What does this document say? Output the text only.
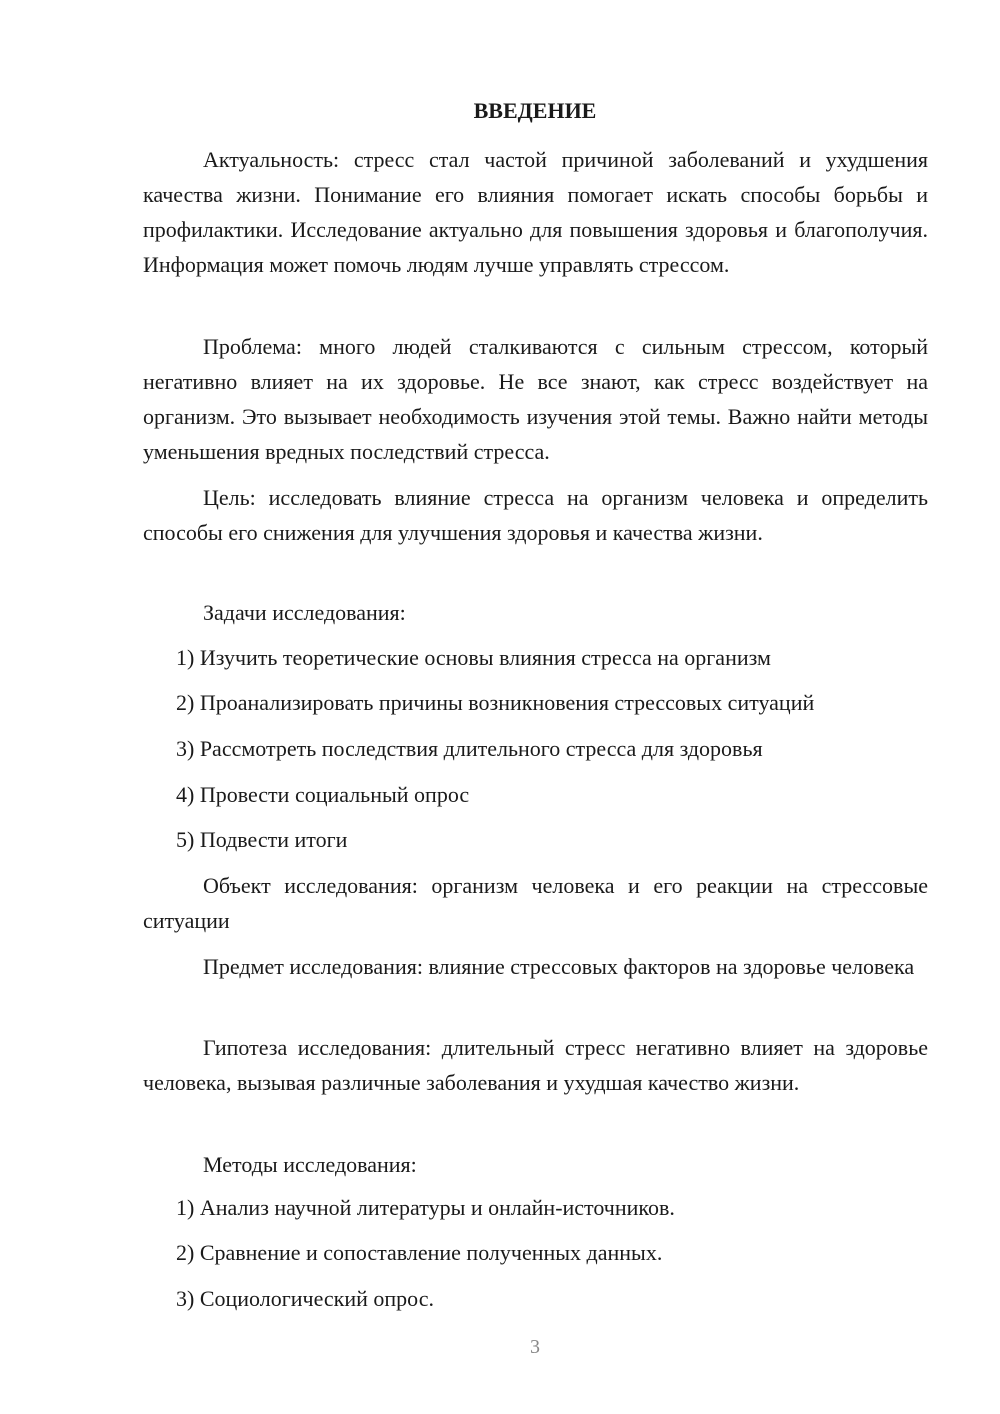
ВВЕДЕНИЕ

Актуальность: стресс стал частой причиной заболеваний и ухудшения качества жизни. Понимание его влияния помогает искать способы борьбы и профилактики. Исследование актуально для повышения здоровья и благополучия. Информация может помочь людям лучше управлять стрессом.

Проблема: много людей сталкиваются с сильным стрессом, который негативно влияет на их здоровье. Не все знают, как стресс воздействует на организм. Это вызывает необходимость изучения этой темы. Важно найти методы уменьшения вредных последствий стресса.

Цель: исследовать влияние стресса на организм человека и определить способы его снижения для улучшения здоровья и качества жизни.

Задачи исследования:

1) Изучить теоретические основы влияния стресса на организм

2) Проанализировать причины возникновения стрессовых ситуаций

3) Рассмотреть последствия длительного стресса для здоровья

4) Провести социальный опрос

5) Подвести итоги

Объект исследования: организм человека и его реакции на стрессовые ситуации

Предмет исследования: влияние стрессовых факторов на здоровье человека

Гипотеза исследования: длительный стресс негативно влияет на здоровье человека, вызывая различные заболевания и ухудшая качество жизни.

Методы исследования:

1) Анализ научной литературы и онлайн-источников.

2) Сравнение и сопоставление полученных данных.

3) Социологический опрос.

3
